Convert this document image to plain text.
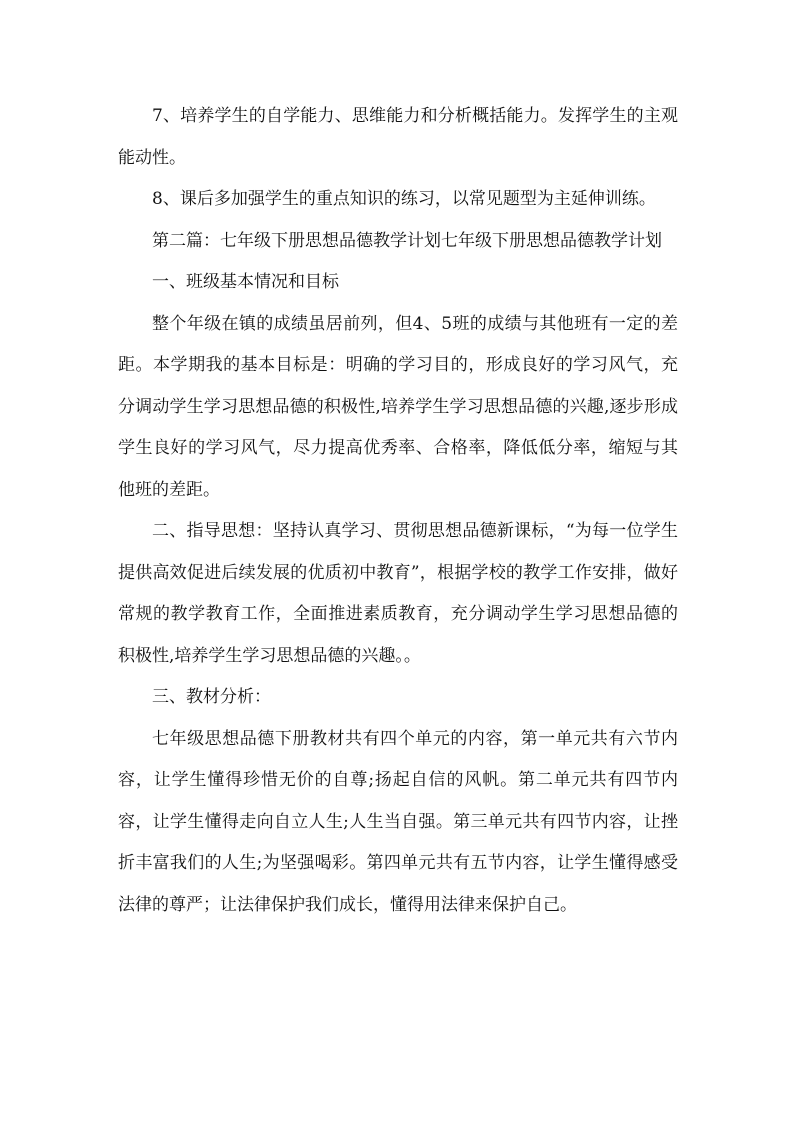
7、培养学生的自学能力、思维能力和分析概括能力。发挥学生的主观能动性。

8、课后多加强学生的重点知识的练习，以常见题型为主延伸训练。

第二篇：七年级下册思想品德教学计划七年级下册思想品德教学计划

一、班级基本情况和目标

整个年级在镇的成绩虽居前列，但4、5班的成绩与其他班有一定的差距。本学期我的基本目标是：明确的学习目的，形成良好的学习风气，充分调动学生学习思想品德的积极性,培养学生学习思想品德的兴趣,逐步形成学生良好的学习风气，尽力提高优秀率、合格率，降低低分率，缩短与其他班的差距。

二、指导思想：坚持认真学习、贯彻思想品德新课标，“为每一位学生提供高效促进后续发展的优质初中教育”，根据学校的教学工作安排，做好常规的教学教育工作，全面推进素质教育，充分调动学生学习思想品德的积极性,培养学生学习思想品德的兴趣。。

三、教材分析：

七年级思想品德下册教材共有四个单元的内容，第一单元共有六节内容，让学生懂得珍惜无价的自尊;扬起自信的风帆。第二单元共有四节内容，让学生懂得走向自立人生;人生当自强。第三单元共有四节内容，让挫折丰富我们的人生;为坚强喝彩。第四单元共有五节内容，让学生懂得感受法律的尊严；让法律保护我们成长，懂得用法律来保护自己。
